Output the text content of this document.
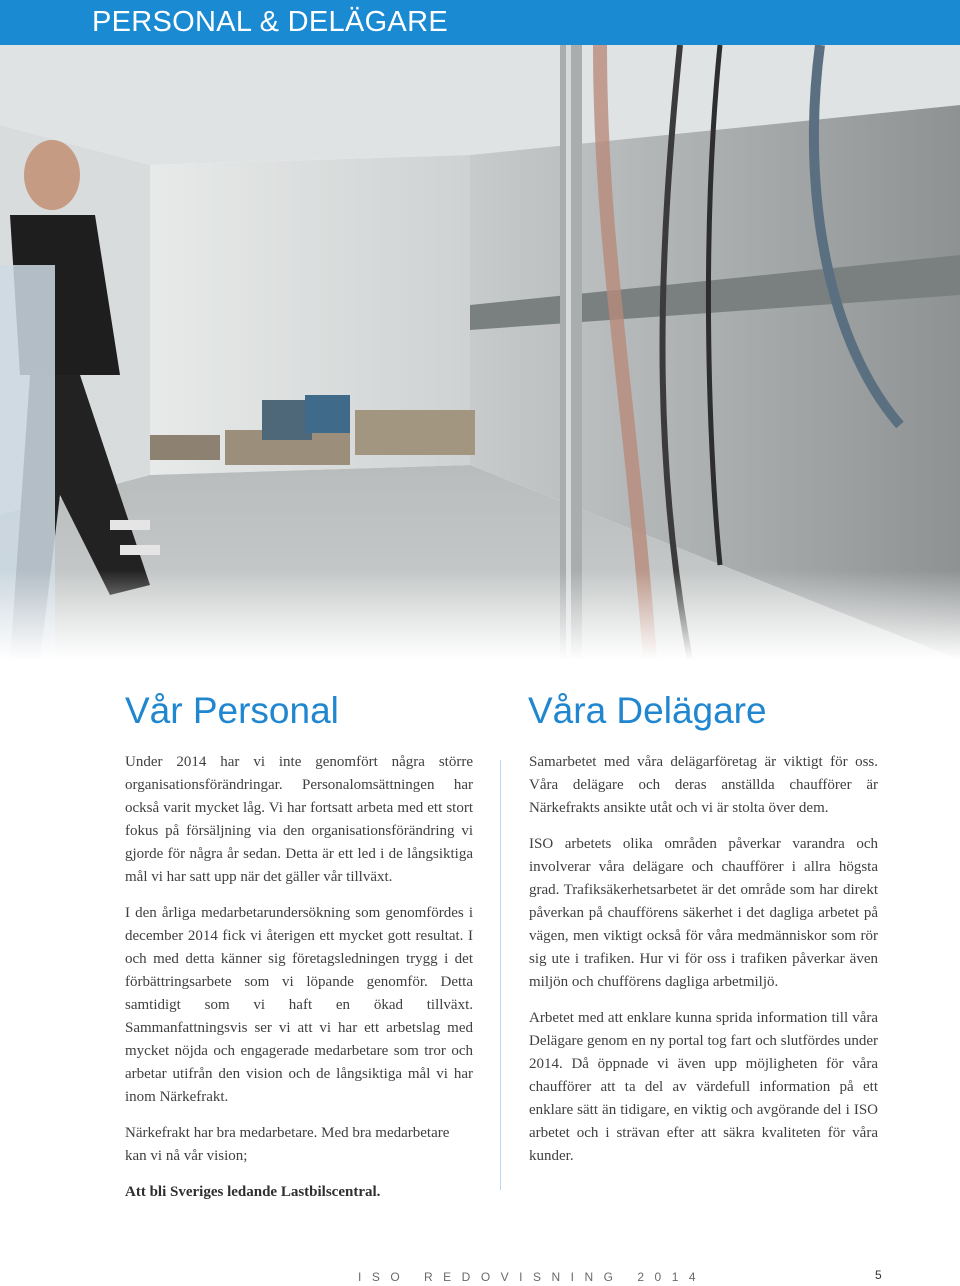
PERSONAL & DELÄGARE
Vår Personal	Våra Delägare

Under 2014 har vi inte genomfört några större organisationsförändringar. Personalomsättningen har också varit mycket låg. Vi har fortsatt arbeta med ett stort fokus på försäljning via den organisationsförändring vi gjorde för några år sedan. Detta är ett led i de långsiktiga mål vi har satt upp när det gäller vår tillväxt.

I den årliga medarbetarundersökning som genomfördes i december 2014 fick vi återigen ett mycket gott resultat. I och med detta känner sig företagsledningen trygg i det förbättringsarbete som vi löpande genomför. Detta samtidigt som vi haft en ökad tillväxt. Sammanfattningsvis ser vi att vi har ett arbetslag med mycket nöjda och engagerade medarbetare som tror och arbetar utifrån den vision och de långsiktiga mål vi har inom Närkefrakt.

Närkefrakt har bra medarbetare. Med bra medarbetare kan vi nå vår vision;

Att bli Sveriges ledande Lastbilscentral.

Samarbetet med våra delägarföretag är viktigt för oss. Våra delägare och deras anställda chaufförer är Närkefrakts ansikte utåt och vi är stolta över dem.

ISO arbetets olika områden påverkar varandra och involverar våra delägare och chaufförer i allra högsta grad. Trafiksäkerhetsarbetet är det område som har direkt påverkan på chaufförens säkerhet i det dagliga arbetet på vägen, men viktigt också för våra medmänniskor som rör sig ute i trafiken. Hur vi för oss i trafiken påverkar även miljön och chufförens dagliga arbetmiljö.

Arbetet med att enklare kunna sprida information till våra Delägare genom en ny portal tog fart och slutfördes under 2014. Då öppnade vi även upp möjligheten för våra chaufförer att ta del av värdefull information på ett enklare sätt än tidigare, en viktig och avgörande del i ISO arbetet och i strävan efter att säkra kvaliteten för våra kunder.

ISO REDOVISNING 2014	5
